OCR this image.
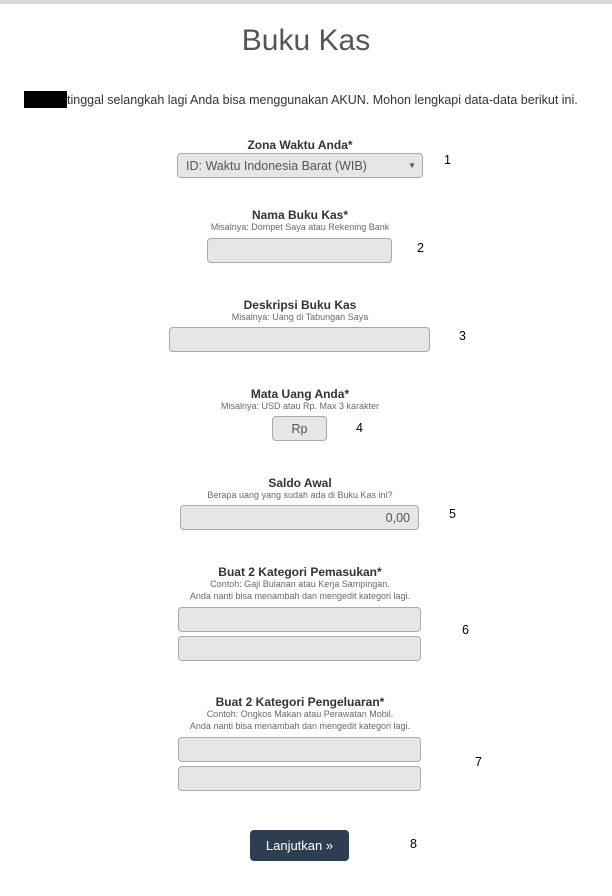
Buku Kas
tinggal selangkah lagi Anda bisa menggunakan AKUN. Mohon lengkapi data-data berikut ini.
Zona Waktu Anda*
ID: Waktu Indonesia Barat (WIB)	▼ 1
Nama Buku Kas*
Misalnya: Dompet Saya atau Rekening Bank
2
Deskripsi Buku Kas
Misalnya: Uang di Tabungan Saya
3
Mata Uang Anda*
Misalnya: USD atau Rp. Max 3 karakter
Rp
4
Saldo Awal
Berapa uang yang sudah ada di Buku Kas ini?
0,00
5
Buat 2 Kategori Pemasukan*
Contoh: Gaji Bulanan atau Kerja Sampingan.
Anda nanti bisa menambah dan mengedit kategori lagi.
6
Buat 2 Kategori Pengeluaran*
Contoh: Ongkos Makan atau Perawatan Mobil.
Anda nanti bisa menambah dan mengedit kategori lagi.
7
Lanjutkan »	8
